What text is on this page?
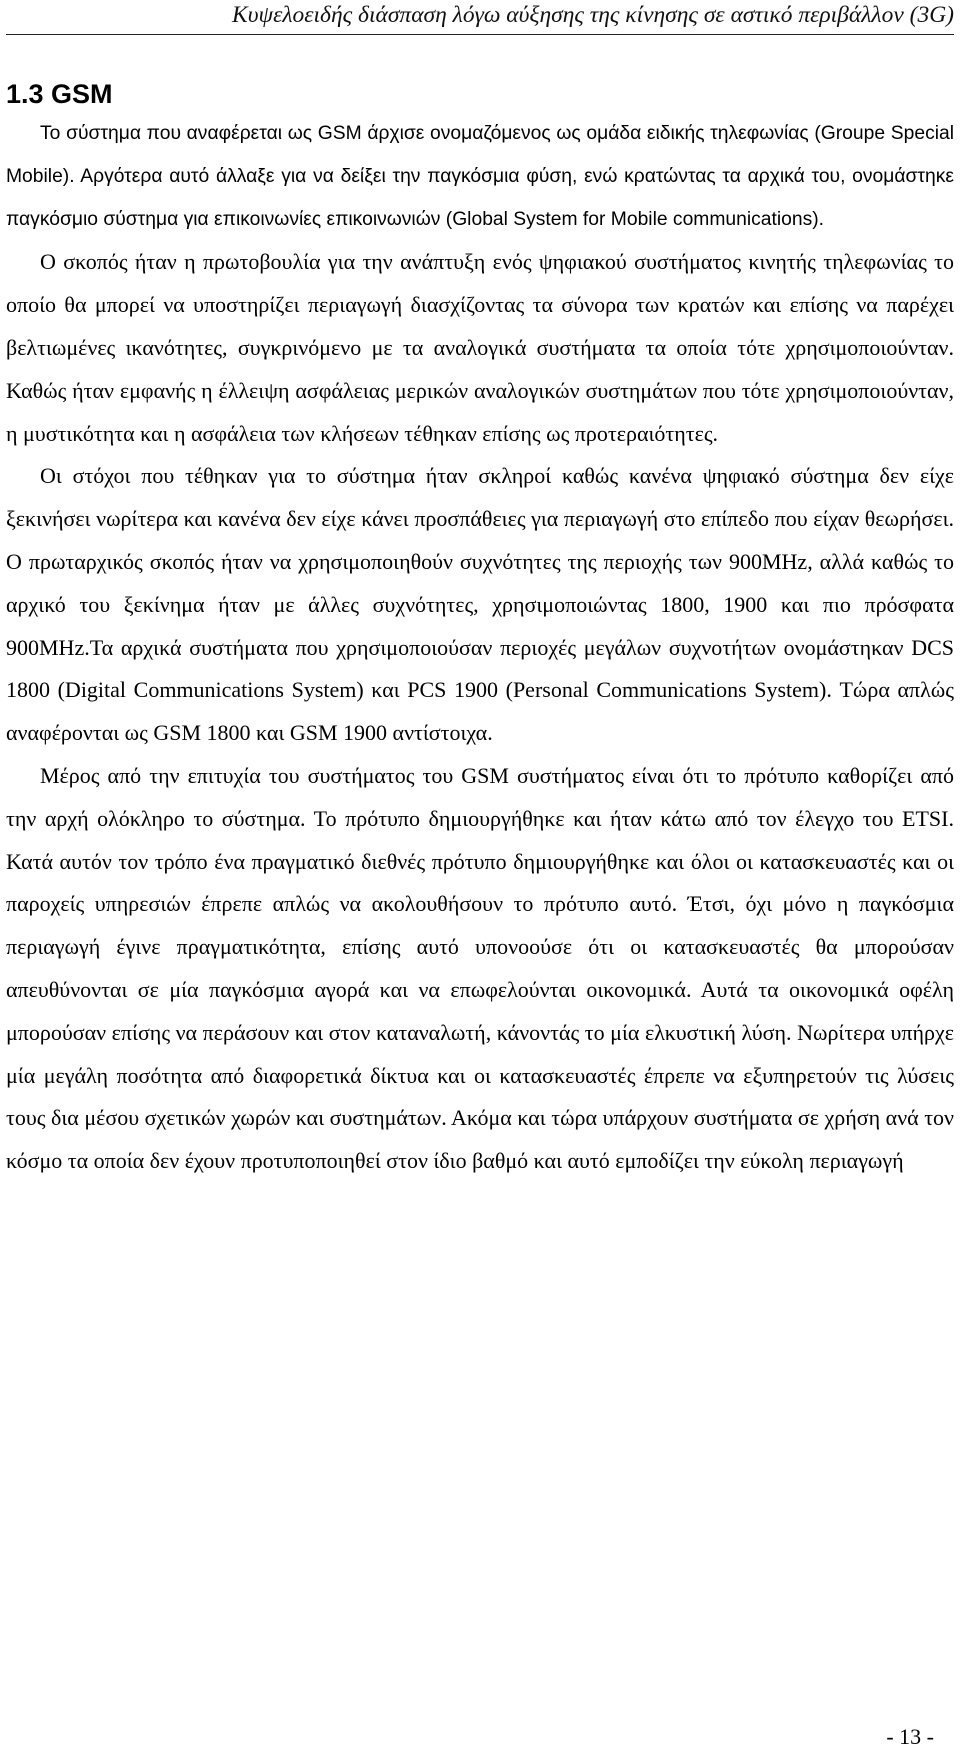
Κυψελοειδής διάσπαση λόγω αύξησης της κίνησης σε αστικό περιβάλλον (3G)
1.3 GSM

Το σύστημα που αναφέρεται ως GSM άρχισε ονομαζόμενος ως ομάδα ειδικής τηλεφωνίας (Groupe Special Mobile). Αργότερα αυτό άλλαξε για να δείξει την παγκόσμια φύση, ενώ κρατώντας τα αρχικά του, ονομάστηκε παγκόσμιο σύστημα για επικοινωνίες επικοινωνιών (Global System for Mobile communications).

Ο σκοπός ήταν η πρωτοβουλία για την ανάπτυξη ενός ψηφιακού συστήματος κινητής τηλεφωνίας το οποίο θα μπορεί να υποστηρίζει περιαγωγή διασχίζοντας τα σύνορα των κρατών και επίσης να παρέχει βελτιωμένες ικανότητες, συγκρινόμενο με τα αναλογικά συστήματα τα οποία τότε χρησιμοποιούνταν. Καθώς ήταν εμφανής η έλλειψη ασφάλειας μερικών αναλογικών συστημάτων που τότε χρησιμοποιούνταν, η μυστικότητα και η ασφάλεια των κλήσεων τέθηκαν επίσης ως προτεραιότητες.

Οι στόχοι που τέθηκαν για το σύστημα ήταν σκληροί καθώς κανένα ψηφιακό σύστημα δεν είχε ξεκινήσει νωρίτερα και κανένα δεν είχε κάνει προσπάθειες για περιαγωγή στο επίπεδο που είχαν θεωρήσει. Ο πρωταρχικός σκοπός ήταν να χρησιμοποιηθούν συχνότητες της περιοχής των 900MHz, αλλά καθώς το αρχικό του ξεκίνημα ήταν με άλλες συχνότητες, χρησιμοποιώντας 1800, 1900 και πιο πρόσφατα 900MHz.Τα αρχικά συστήματα που χρησιμοποιούσαν περιοχές μεγάλων συχνοτήτων ονομάστηκαν DCS 1800 (Digital Communications System) και PCS 1900 (Personal Communications System). Τώρα απλώς αναφέρονται ως GSM 1800 και GSM 1900 αντίστοιχα.

Μέρος από την επιτυχία του συστήματος του GSM συστήματος είναι ότι το πρότυπο καθορίζει από την αρχή ολόκληρο το σύστημα. Το πρότυπο δημιουργήθηκε και ήταν κάτω από τον έλεγχο του ETSI. Κατά αυτόν τον τρόπο ένα πραγματικό διεθνές πρότυπο δημιουργήθηκε και όλοι οι κατασκευαστές και οι παροχείς υπηρεσιών έπρεπε απλώς να ακολουθήσουν το πρότυπο αυτό. Έτσι, όχι μόνο η παγκόσμια περιαγωγή έγινε πραγματικότητα, επίσης αυτό υπονοούσε ότι οι κατασκευαστές θα μπορούσαν απευθύνονται σε μία παγκόσμια αγορά και να επωφελούνται οικονομικά. Αυτά τα οικονομικά οφέλη μπορούσαν επίσης να περάσουν και στον καταναλωτή, κάνοντάς το μία ελκυστική λύση. Νωρίτερα υπήρχε μία μεγάλη ποσότητα από διαφορετικά δίκτυα και οι κατασκευαστές έπρεπε να εξυπηρετούν τις λύσεις τους δια μέσου σχετικών χωρών και συστημάτων. Ακόμα και τώρα υπάρχουν συστήματα σε χρήση ανά τον κόσμο τα οποία δεν έχουν προτυποποιηθεί στον ίδιο βαθμό και αυτό εμποδίζει την εύκολη περιαγωγή

- 13 -
